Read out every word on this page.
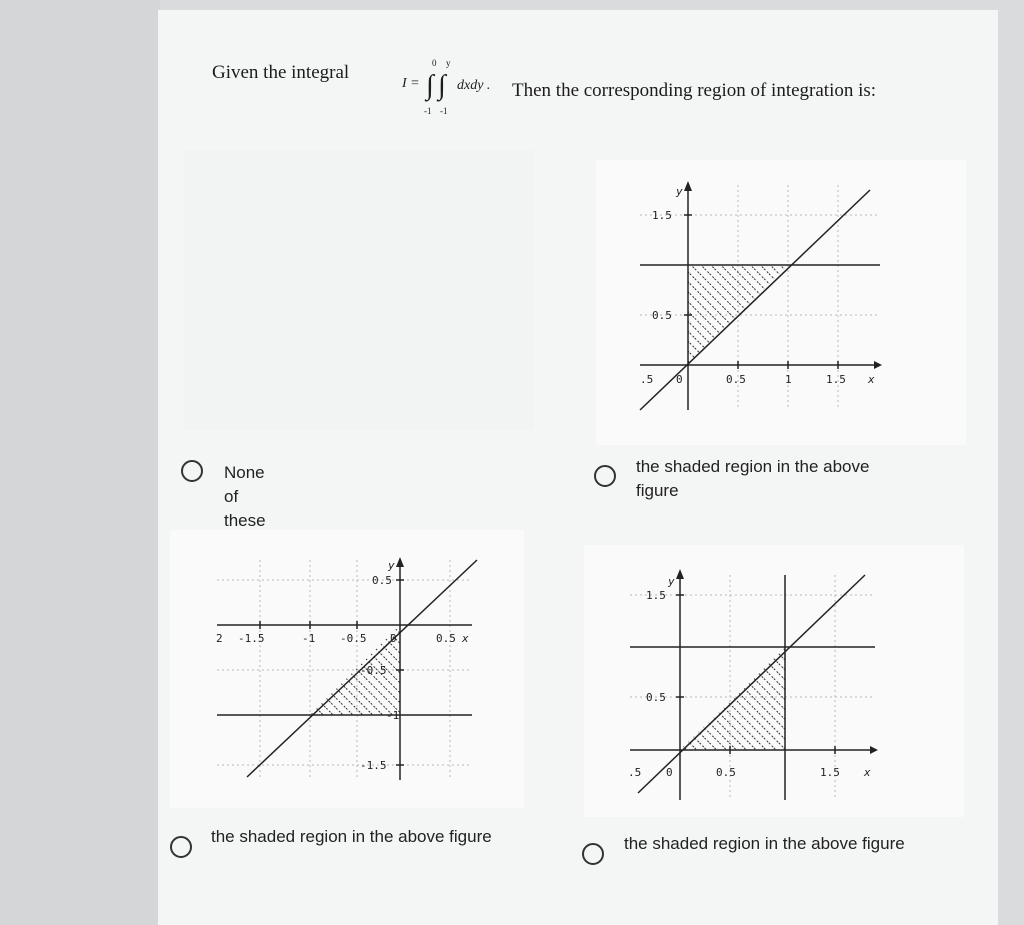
Given the integral
I = ∫ ∫
0 y
-1 -1
dxdy . Then the corresponding region of integration is:
1.5
0.5
.5 0	0.5	1	1.5 x
y
0.5
-0.5
-1
-1.5
2 -1.5	-1 -0.5 0	0.5 x
y
1.5
0.5
.5 0	0.5	1.5 x
y
None of these
the shaded region in the above figure
the shaded region in the above figure	the shaded region in the above figure
